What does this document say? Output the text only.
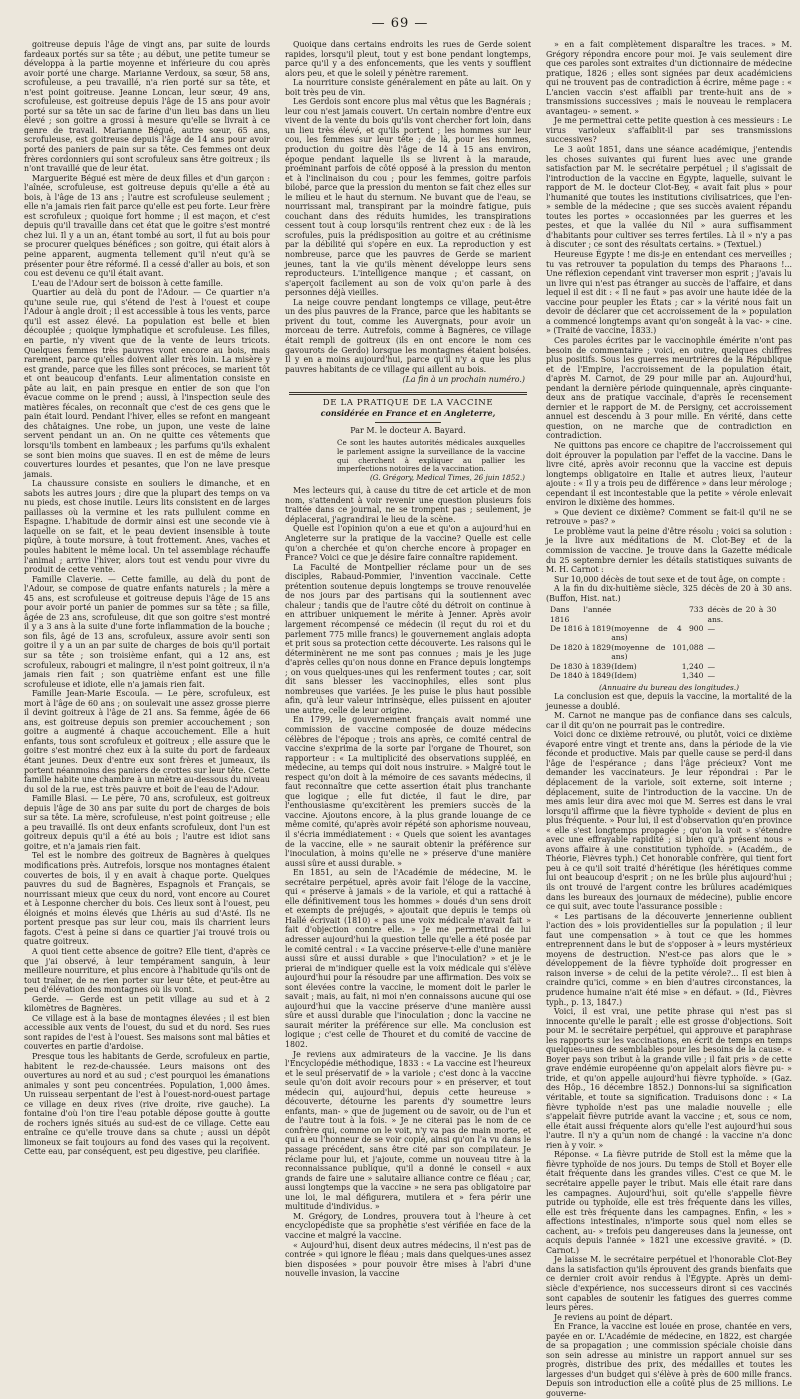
— 69 —

goitreuse depuis l'âge de vingt ans, par suite de lourds fardeaux portés sur sa tête ; au début, une petite tumeur se développa à la partie moyenne et inférieure du cou après avoir porté une charge. Marianne Verdoux, sa sœur, 58 ans, scrofuleuse, a peu travaillé, n'a rien porté sur sa tête, et n'est point goitreuse. Jeanne Loncan, leur sœur, 49 ans, scrofuleuse, est goitreuse depuis l'âge de 15 ans pour avoir porté sur sa tête un sac de farine d'un lieu bas dans un lieu élevé ; son goitre a grossi à mesure qu'elle se livrait à ce genre de travail. Marianne Bégué, autre sœur, 65 ans, scrofuleuse, est goitreuse depuis l'âge de 14 ans pour avoir porté des paniers de pain sur sa tête. Ces femmes ont deux frères cordonniers qui sont scrofuleux sans être goitreux ; ils n'ont travaillé que de leur état.

Marguerite Bégué est mère de deux filles et d'un garçon : l'aînée, scrofuleuse, est goitreuse depuis qu'elle a été au bois, à l'âge de 13 ans ; l'autre est scrofuleuse seulement ; elle n'a jamais rien fait parce qu'elle est peu forte. Leur frère est scrofuleux ; quoique fort homme ; il est maçon, et c'est depuis qu'il travaille dans cet état que le goitre s'est montré chez lui. Il y a un an, étant tombé au sort, il fut au bois pour se procurer quelques bénéfices ; son goitre, qui était alors à peine apparent, augmenta tellement qu'il n'eut qu'à se présenter pour être réformé. Il a cessé d'aller au bois, et son cou est devenu ce qu'il était avant.

L'eau de l'Adour sert de boisson à cette famille.

Quartier au delà du pont de l'Adour. — Ce quartier n'a qu'une seule rue, qui s'étend de l'est à l'ouest et coupe l'Adour à angle droit ; il est accessible à tous les vents, parce qu'il est assez élevé. La population est belle et bien découplée ; quoique lymphatique et scrofuleuse. Les filles, en partie, n'y vivent que de la vente de leurs tricots. Quelques femmes très pauvres vont encore au bois, mais rarement, parce qu'elles doivent aller très loin. La misère y est grande, parce que les filles sont précoces, se marient tôt et ont beaucoup d'enfants. Leur alimentation consiste en pâte au lait, en pain presque en entier de son que l'on évacue comme on le prend ; aussi, à l'inspection seule des matières fécales, on reconnaît que c'est de ces gens que le pain était lourd. Pendant l'hiver, elles se refont en mangeant des châtaignes. Une robe, un jupon, une veste de laine servent pendant un an. On ne quitte ces vêtements que lorsqu'ils tombent en lambeaux ; les parfums qu'ils exhalent se sont bien moins que suaves. Il en est de même de leurs couvertures lourdes et pesantes, que l'on ne lave presque jamais.

La chaussure consiste en souliers le dimanche, et en sabots les autres jours ; dire que la plupart des temps on va nu pieds, est chose inutile. Leurs lits consistent en de larges paillasses où la vermine et les rats pullulent comme en Espagne. L'habitude de dormir ainsi est une seconde vie à laquelle on se fait, et le peau devient insensible à toute piqûre, à toute morsure, à tout frottement. Anes, vaches et poules habitent le même local. Un tel assemblage réchauffe l'animal ; arrive l'hiver, alors tout est vendu pour vivre du produit de cette vente.

Famille Claverie. — Cette famille, au delà du pont de l'Adour, se compose de quatre enfants naturels ; la mère a 45 ans, est scrofuleuse et goitreuse depuis l'âge de 15 ans pour avoir porté un panier de pommes sur sa tête ; sa fille, âgée de 23 ans, scrofuleuse, dit que son goitre s'est montré il y a 3 ans à la suite d'une forte inflammation de la bouche ; son fils, âgé de 13 ans, scrofuleux, assure avoir senti son goitre il y a un an par suite de charges de bois qu'il portait sur sa tête ; son troisième enfant, qui a 12 ans, est scrofuleux, rabougri et malingre, il n'est point goitreux, il n'a jamais rien fait ; son quatrième enfant est une fille scrofuleuse et idiote, elle n'a jamais rien fait.

Famille Jean-Marie Escoula. — Le père, scrofuleux, est mort à l'âge de 60 ans ; on soulevait une assez grosse pierre il devint goitreux à l'âge de 21 ans. Sa femme, âgée de 66 ans, est goitreuse depuis son premier accouchement ; son goitre a augmenté à chaque accouchement. Elle a huit enfants, tous sont scrofuleux et goitreux ; elle assure que le goitre s'est montré chez eux à la suite du port de fardeaux étant jeunes. Deux d'entre eux sont frères et jumeaux, ils portent néanmoins des paniers de crottes sur leur tête. Cette famille habite une chambre à un mètre au-dessous du niveau du sol de la rue, est très pauvre et boit de l'eau de l'Adour.

Famille Blasi. — Le père, 70 ans, scrofuleux, est goitreux depuis l'âge de 30 ans par suite du port de charges de bois sur sa tête. La mère, scrofuleuse, n'est point goitreuse ; elle a peu travaillé. Ils ont deux enfants scrofuleux, dont l'un est goitreux depuis qu'il a été au bois ; l'autre est idiot sans goitre, et n'a jamais rien fait.

Tel est le nombre des goitreux de Bagnères à quelques modifications près. Autrefois, lorsque nos montagnes étaient couvertes de bois, il y en avait à chaque porte. Quelques pauvres du sud de Bagnères, Espagnols et Français, se nourrissant mieux que ceux du nord, vont encore au Couret et à Lesponne chercher du bois. Ces lieux sont à l'ouest, peu éloignés et moins élevés que Lhéris au sud d'Asté. Ils ne portent presque pas sur leur cou, mais ils charrient leurs fagots. C'est à peine si dans ce quartier j'ai trouvé trois ou quatre goitreux.

A quoi tient cette absence de goitre? Elle tient, d'après ce que j'ai observé, à leur tempérament sanguin, à leur meilleure nourriture, et plus encore à l'habitude qu'ils ont de tout traîner, de ne rien porter sur leur tête, et peut-être au peu d'élévation des montagnes où ils vont.

Gerde. — Gerde est un petit village au sud et à 2 kilomètres de Bagnères.

Ce village est à la base de montagnes élevées ; il est bien accessible aux vents de l'ouest, du sud et du nord. Ses rues sont rapides de l'est à l'ouest. Ses maisons sont mal bâties et couvertes en partie d'ardoise.

Presque tous les habitants de Gerde, scrofuleux en partie, habitent le rez-de-chaussée. Leurs maisons ont des ouvertures au nord et au sud ; c'est pourquoi les émanations animales y sont peu concentrées. Population, 1,000 âmes. Un ruisseau serpentant de l'est à l'ouest-nord-ouest partage ce village en deux rives (rive droite, rive gauche). La fontaine d'où l'on tire l'eau potable dépose goutte à goutte de rochers ignés situés au sud-est de ce village. Cette eau entraîne ce qu'elle trouve dans sa chute ; aussi un dépôt limoneux se fait toujours au fond des vases qui la reçoivent. Cette eau, par conséquent, est peu digestive, peu clarifiée.

Quoique dans certains endroits les rues de Gerde soient rapides, lorsqu'il pleut, tout y est bone pendant longtemps, parce qu'il y a des enfoncements, que les vents y soufflent alors peu, et que le soleil y pénètre rarement.

La nourriture consiste généralement en pâte au lait. On y boit très peu de vin.

Les Gerdois sont encore plus mal vêtus que les Bagnérais ; leur cou n'est jamais couvert. Un certain nombre d'entre eux vivent de la vente du bois qu'ils vont chercher fort loin, dans un lieu très élevé, et qu'ils portent ; les hommes sur leur cou, les femmes sur leur tête ; de là, pour les hommes, production du goitre dès l'âge de 14 à 15 ans environ, époque pendant laquelle ils se livrent à la maraude, proéminant parfois de côté opposé à la pression du menton et à l'inclinaison du cou ; pour les femmes, goitre parfois bilobé, parce que la pression du menton se fait chez elles sur le milieu et le haut du sternum. Ne buvant que de l'eau, se nourrissant mal, transpirant par la moindre fatigue, puis couchant dans des réduits humides, les transpirations cessent tout à coup lorsqu'ils rentrent chez eux : de là les scrofules, puis la prédisposition au goitre et au crétinisme par la débilité qui s'opère en eux. La reproduction y est nombreuse, parce que les pauvres de Gerde se marient jeunes, tant la vie qu'ils mènent développe leurs sens reproducteurs. L'intelligence manque ; et cassant, on s'aperçoit facilement au son de voix qu'on parle à des personnes déjà vieilles.

La neige couvre pendant longtemps ce village, peut-être un des plus pauvres de la France, parce que les habitants se privent du tout, comme les Auvergnats, pour avoir un morceau de terre. Autrefois, comme à Bagnères, ce village était rempli de goitreux (ils en ont encore le nom ces gavourots de Gerdo) lorsque les montagnes étaient boisées. Il y en a moins aujourd'hui, parce qu'il n'y a que les plus pauvres habitants de ce village qui aillent au bois.

(La fin à un prochain numéro.)
DE LA PRATIQUE DE LA VACCINE
considérée en France et en Angleterre,
Par M. le docteur A. Bayard.
Ce sont les hautes autorités médicales auxquelles le parlement assigne la surveillance de la vaccine qui cherchent à expliquer au pallier les imperfections notoires de la vaccination.
(G. Grégory, Medical Times, 26 juin 1852.)

Mes lecteurs qui, à cause du titre de cet article et de mon nom, s'attendent à voir revenir une question plusieurs fois traitée dans ce journal, ne se trompent pas ; seulement, je déplacerai, j'agrandirai le lieu de la scène.

Quelle est l'opinion qu'on a eue et qu'on a aujourd'hui en Angleterre sur la pratique de la vaccine? Quelle est celle qu'on a cherchée et qu'on cherche encore à propager en France? Voici ce que je désire faire connaître rapidement.

La Faculté de Montpellier réclame pour un de ses disciples, Rabaud-Pommier, l'invention vaccinale. Cette prétention soutenue depuis longtemps se trouve renouvelée de nos jours par des partisans qui la soutiennent avec chaleur ; tandis que de l'autre côté du détroit on continue à en attribuer uniquement le mérite à Jenner. Après avoir largement récompensé ce médecin (il reçut du roi et du parlement 775 mille francs) le gouvernement anglais adopta et prit sous sa protection cette découverte. Les raisons qui le déterminèrent ne me sont pas connues ; mais je les juge d'après celles qu'on nous donne en France depuis longtemps ; on vous quelques-unes qui les renferment toutes ; car, soit dit sans blesser les vaccinophiles, elles sont plus nombreuses que variées. Je les puise le plus haut possible afin, qu'à leur valeur intrinsèque, elles puissent en ajouter une autre, celle de leur origine.

En 1799, le gouvernement français avait nommé une commission de vaccine composée de douze médecins célèbres de l'époque ; trois ans après, ce comité central de vaccine s'exprima de la sorte par l'organe de Thouret, son rapporteur : « La multiplicité des observations suppléé, en médecine, au temps qui doit nous instruire. » Malgré tout le respect qu'on doit à la mémoire de ces savants médecins, il faut reconnaître que cette assertion était plus tranchante que logique ; elle fut dictée, il faut le dire, par l'enthousiasme qu'excitèrent les premiers succès de la vaccine. Ajoutons encore, à la plus grande louange de ce même comité, qu'après avoir répété son aphorisme nouveau, il s'écria immédiatement : « Quels que soient les avantages de la vaccine, elle » ne saurait obtenir la préférence sur l'inoculation, à moins qu'elle ne » préserve d'une manière aussi sûre et aussi durable. »

En 1851, au sein de l'Académie de médecine, M. le secrétaire perpétuel, après avoir fait l'éloge de la vaccine, qui « préserve à jamais » de la variole, et qui a rattaché à elle définitivement tous les hommes » doués d'un sens droit et exempts de préjugés, » ajoutait que depuis le temps où Hallé écrivait (1810) « pas une voix médicale n'avait fait » fait d'objection contre elle. » Je me permettrai de lui adresser aujourd'hui la question telle qu'elle a été posée par le comité central : « La vaccine préserve-t-elle d'une manière aussi sûre et aussi durable » que l'inoculation? » et je le prierai de m'indiquer quelle est la voix médicale qui s'élève aujourd'hui pour la résoudre par une affirmation. Des voix se sont élevées contre la vaccine, le moment doit le parler le savait ; mais, au fait, ni moi n'en connaissons aucune qui ose aujourd'hui que la vaccine préserve d'une manière aussi sûre et aussi durable que l'inoculation ; donc la vaccine ne saurait mériter la préférence sur elle. Ma conclusion est logique ; c'est celle de Thouret et du comité de vaccine de 1802.

Je reviens aux admirateurs de la vaccine. Je lis dans l'Encyclopédie méthodique, 1833 : « La vaccine est l'heureux et le seul préservatif de » la variole ; c'est donc à la vaccine seule qu'on doit avoir recours pour » en préserver, et tout médecin qui, aujourd'hui, depuis cette heureuse » découverte, détourne les parents d'y soumettre leurs enfants, man- » que de jugement ou de savoir, ou de l'un et de l'autre tout à la fois. » Je ne citerai pas le nom de ce confrère qui, comme on le voit, n'y va pas de main morte, et qui a eu l'honneur de se voir copié, ainsi qu'on l'a vu dans le passage précédent, sans être cité par son compilateur. Je réclame pour lui, et j'ajoute, comme un nouveau titre à la reconnaissance publique, qu'il a donné le conseil « aux grands de faire une » salutaire alliance contre ce fléau ; car, aussi longtemps que la vaccine » ne sera pas obligatoire par une loi, le mal défigurera, mutilera et » fera périr une multitude d'individus. »

M. Grégory, de Londres, prouvera tout à l'heure à cet encyclopédiste que sa prophétie s'est vérifiée en face de la vaccine et malgré la vaccine.

« Aujourd'hui, disent deux autres médecins, il n'est pas de contrée » qui ignore le fléau ; mais dans quelques-unes assez bien disposées » pour pouvoir être mises à l'abri d'une nouvelle invasion, la vaccine

» en a fait complètement disparaître les traces. » M. Grégory répondra encore pour moi. Je vais seulement dire que ces paroles sont extraites d'un dictionnaire de médecine pratique, 1826 ; elles sont signées par deux académiciens qui ne trouvent pas de contradiction à écrire, même page : « L'ancien vaccin s'est affaibli par trente-huit ans de » transmissions successives ; mais le nouveau le remplacera avantageu- » sement. »

Je me permettrai cette petite question à ces messieurs : Le virus varioleux s'affaiblit-il par ses transmissions successives?

Le 3 août 1851, dans une séance académique, j'entendis les choses suivantes qui furent lues avec une grande satisfaction par M. le secrétaire perpétuel ; il s'agissait de l'introduction de la vaccine en Égypte, laquelle, suivant le rapport de M. le docteur Clot-Bey, « avait fait plus » pour l'humanité que toutes les institutions civilisatrices, que l'en- » semble de la médecine ; que ses succès avaient répandu toutes les portes » occasionnées par les guerres et les pestes, et que la vallée du Nil » aura suffisamment d'habitants pour cultiver ses terres fertiles. Là il » n'y a pas à discuter ; ce sont des résultats certains. » (Textuel.)

Heureuse Égypte ! me dis-je en entendant ces merveilles ; tu vas retrouver ta population du temps des Pharaons !... Une réflexion cependant vint traverser mon esprit ; j'avais lu un livre qui n'est pas étranger au succès de l'affaire, et dans lequel il est dit : « Il ne faut » pas avoir une haute idée de la vaccine pour peupler les États ; car » la vérité nous fait un devoir de déclarer que cet accroissement de la » population a commencé longtemps avant qu'on songeât à la vac- » cine. » (Traité de vaccine, 1833.)

Ces paroles écrites par le vaccinophile émérite n'ont pas besoin de commentaire ; voici, en outre, quelques chiffres plus positifs. Sous les guerres meurtrières de la République et de l'Empire, l'accroissement de la population était, d'après M. Carnot, de 29 pour mille par an. Aujourd'hui, pendant la dernière période quinquennale, après cinquante-deux ans de pratique vaccinale, d'après le recensement dernier et le rapport de M. de Persigny, cet accroissement annuel est descendu à 3 pour mille. En vérité, dans cette question, on ne marche que de contradiction en contradiction.

Ne quittons pas encore ce chapitre de l'accroissement qui doit éprouver la population par l'effet de la vaccine. Dans le livre cité, après avoir reconnu que la vaccine est depuis longtemps obligatoire en Italie et autres lieux, l'auteur ajoute : « Il y a trois peu de différence » dans leur mérologe ; cependant il est incontestable que la petite » vérole enlevait environ le dixième des hommes.

» Que devient ce dixième? Comment se fait-il qu'il ne se retrouve » pas? »

Le problème vaut la peine d'être résolu ; voici sa solution : je la livre aux méditations de M. Clot-Bey et de la commission de vaccine. Je trouve dans la Gazette médicale du 25 septembre dernier les détails statistiques suivants de M. H. Carnot :

Sur 10,000 décès de tout sexe et de tout âge, on compte :

A la fin du dix-huitième siècle, 325 décès de 20 à 30 ans. (Buffon, Hist. nat.)

Dans l'année 1816		733	décès de 20 à 30 ans.
De 1816 à 1819	(moyenne de 4 ans)	900	—
De 1820 à 1829	(moyenne de 10 ans)	1,088	—
De 1830 à 1839	(Idem)	1,240	—
De 1840 à 1849	(Idem)	1,340	—
(Annuaire du bureau des longitudes.)

La conclusion est que, depuis la vaccine, la mortalité de la jeunesse a doublé.

M. Carnot ne manque pas de confiance dans ses calculs, car il dit qu'on ne pourrait pas le contredire.

Voici donc ce dixième retrouvé, ou plutôt, voici ce dixième évaporé entre vingt et trente ans, dans la période de la vie féconde et productive. Mais par quelle cause se perd-il dans l'âge de l'espérance ; dans l'âge précieux? Vont me demander les vaccinateurs. Je leur répondrai : Par le déplacement de la variole, soit externe, soit interne ; déplacement, suite de l'introduction de la vaccine. Un de mes amis leur dira avec moi que M. Serres est dans le vrai lorsqu'il affirme que la fièvre typhoïde « devient de plus en plus fréquente. » Pour lui, il est d'observation qu'en province « elle s'est longtemps propagée ; qu'on la voit » s'étendre avec une effrayable rapidité ; si bien qu'à présent nous » avons affaire à une constitution typhoïde. » (Académ., de Théorie, Fièvres typh.) Cet honorable confrère, qui tient fort peu à ce qu'il soit traité d'hérétique (les hérétiques comme lui ont beaucoup d'esprit ; on ne les brûle plus aujourd'hui ; ils ont trouvé de l'argent contre les brûlures académiques dans les bureaux des journaux de médecine), publie encore ce qui suit, avec toute l'assurance possible :

« Les partisans de la découverte jennerienne oublient l'action des » lois providentielles sur la population ; il leur faut une compensation » à tout ce que les hommes entreprennent dans le but de s'opposer à » leurs mystérieux moyens de destruction. N'est-ce pas alors que le » développement de la fièvre typhoïde doit progresser en raison inverse » de celui de la petite vérole?... Il est bien à craindre qu'ici, comme » en bien d'autres circonstances, la prudence humaine n'ait été mise » en défaut. » (Id., Fièvres typh., p. 13, 1847.)

Voici, il est vrai, une petite phrase qui n'est pas si innocente qu'elle le paraît ; elle est grosse d'objections. Soit pour M. le secrétaire perpétuel, qui approuve et paraphrase les rapports sur les vaccinations, en écrit de temps en temps quelques-unes de semblables pour les besoins de la cause. « Boyer pays son tribut à la grande ville ; il fait pris » de cette grave endémie européenne qu'on appelait alors fièvre pu- » tride, et qu'on appelle aujourd'hui fièvre typhoïde. » (Gaz. des Hôp., 16 décembre 1852.) Donnons-lui sa signification véritable, et toute sa signification. Traduisons donc : « La fièvre typhoïde n'est pas une maladie nouvelle ; elle s'appelait fièvre putride avant la vaccine ; et, sous ce nom, elle était aussi fréquente alors qu'elle l'est aujourd'hui sous l'autre. Il n'y a qu'un nom de changé : la vaccine n'a donc rien à y voir. »

Réponse. « La fièvre putride de Stoll est la même que la fièvre typhoïde de nos jours. Du temps de Stoll et Boyer elle était fréquente dans les grandes villes. C'est ce que M. le secrétaire appelle payer le tribut. Mais elle était rare dans les campagnes. Aujourd'hui, soit qu'elle s'appelle fièvre putride ou typhoïde, elle est très fréquente dans les villes, elle est très fréquente dans les campagnes. Enfin, « les » affections intestinales, n'importe sous quel nom elles se cachent, au- » trefois peu dangereuses dans la jeunesse, ont acquis depuis l'année » 1821 une excessive gravité. » (D. Carnot.)

Je laisse M. le secrétaire perpétuel et l'honorable Clot-Bey dans la satisfaction qu'ils éprouvent des grands bienfaits que ce dernier croit avoir rendus à l'Égypte. Après un demi-siècle d'expérience, nos successeurs diront si ces vaccinés sont capables de soutenir les fatigues des guerres comme leurs pères.

Je reviens au point de départ.

En France, la vaccine est louée en prose, chantée en vers, payée en or. L'Académie de médecine, en 1822, est chargée de sa propagation ; une commission spéciale choisie dans son sein adresse au ministre un rapport annuel sur ses progrès, distribue des prix, des médailles et toutes les largesses d'un budget qui s'élève à près de 600 mille francs. Depuis son introduction elle a coûté plus de 25 millions. Le gouverne-
